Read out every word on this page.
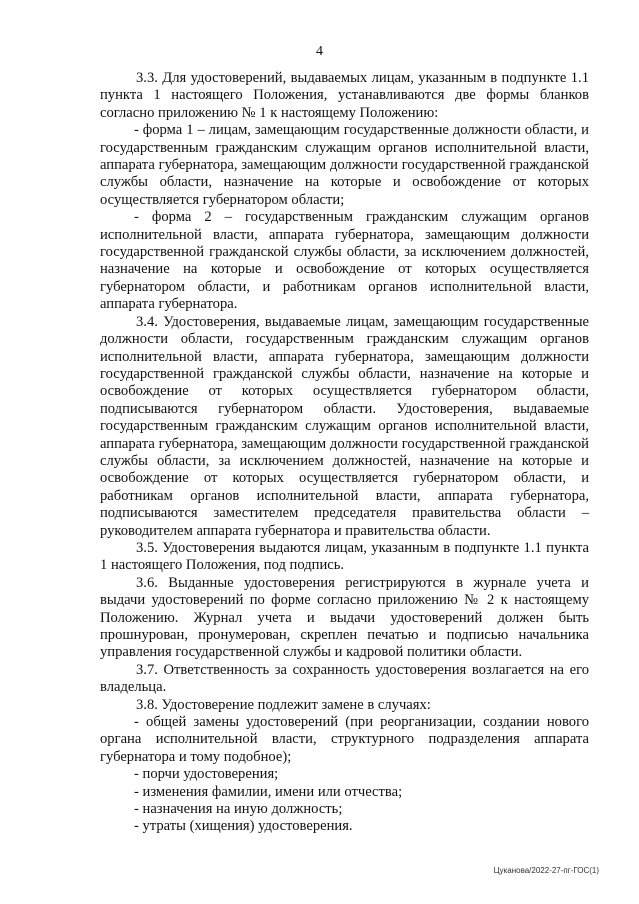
4

3.3. Для удостоверений, выдаваемых лицам, указанным в подпункте 1.1 пункта 1 настоящего Положения, устанавливаются две формы бланков согласно приложению № 1 к настоящему Положению:

- форма 1 – лицам, замещающим государственные должности области, и государственным гражданским служащим органов исполнительной власти, аппарата губернатора, замещающим должности государственной гражданской службы области, назначение на которые и освобождение от которых осуществляется губернатором области;

- форма 2 – государственным гражданским служащим органов исполнительной власти, аппарата губернатора, замещающим должности государственной гражданской службы области, за исключением должностей, назначение на которые и освобождение от которых осуществляется губернатором области, и работникам органов исполнительной власти, аппарата губернатора.

3.4. Удостоверения, выдаваемые лицам, замещающим государственные должности области, государственным гражданским служащим органов исполнительной власти, аппарата губернатора, замещающим должности государственной гражданской службы области, назначение на которые и освобождение от которых осуществляется губернатором области, подписываются губернатором области. Удостоверения, выдаваемые государственным гражданским служащим органов исполнительной власти, аппарата губернатора, замещающим должности государственной гражданской службы области, за исключением должностей, назначение на которые и освобождение от которых осуществляется губернатором области, и работникам органов исполнительной власти, аппарата губернатора, подписываются заместителем председателя правительства области – руководителем аппарата губернатора и правительства области.

3.5. Удостоверения выдаются лицам, указанным в подпункте 1.1 пункта 1 настоящего Положения, под подпись.

3.6. Выданные удостоверения регистрируются в журнале учета и выдачи удостоверений по форме согласно приложению № 2 к настоящему Положению. Журнал учета и выдачи удостоверений должен быть прошнурован, пронумерован, скреплен печатью и подписью начальника управления государственной службы и кадровой политики области.

3.7. Ответственность за сохранность удостоверения возлагается на его владельца.

3.8. Удостоверение подлежит замене в случаях:

- общей замены удостоверений (при реорганизации, создании нового органа исполнительной власти, структурного подразделения аппарата губернатора и тому подобное);

- порчи удостоверения;

- изменения фамилии, имени или отчества;

- назначения на иную должность;

- утраты (хищения) удостоверения.

Цуканова/2022-27-пг-ГОС(1)
